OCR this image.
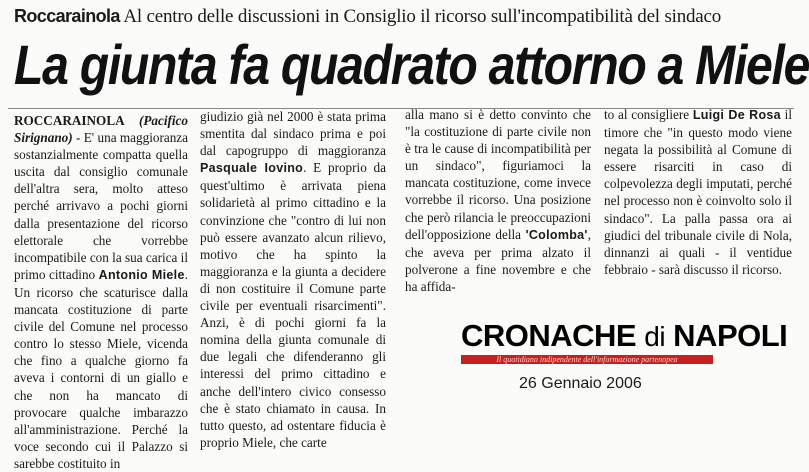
Roccarainola Al centro delle discussioni in Consiglio il ricorso sull'incompatibilità del sindaco
La giunta fa quadrato attorno a Miele

ROCCARAINOLA (Pacifico Sirignano) - E' una maggioranza sostanzialmente compatta quella uscita dal consiglio comunale dell'altra sera, molto atteso perché arrivavo a pochi giorni dalla presentazione del ricorso elettorale che vorrebbe incompatibile con la sua carica il primo cittadino Antonio Miele. Un ricorso che scaturisce dalla mancata costituzione di parte civile del Comune nel processo contro lo stesso Miele, vicenda che fino a qualche giorno fa aveva i contorni di un giallo e che non ha mancato di provocare qualche imbarazzo all'amministrazione. Perché la voce secondo cui il Palazzo si sarebbe costituito in

giudizio già nel 2000 è stata prima smentita dal sindaco prima e poi dal capogruppo di maggioranza Pasquale Iovino. E proprio da quest'ultimo è arrivata piena solidarietà al primo cittadino e la convinzione che "contro di lui non può essere avanzato alcun rilievo, motivo che ha spinto la maggioranza e la giunta a decidere di non costituire il Comune parte civile per eventuali risarcimenti". Anzi, è di pochi giorni fa la nomina della giunta comunale di due legali che difenderanno gli interessi del primo cittadino e anche dell'intero civico consesso che è stato chiamato in causa. In tutto questo, ad ostentare fiducia è proprio Miele, che carte

alla mano si è detto convinto che "la costituzione di parte civile non è tra le cause di incompatibilità per un sindaco", figuriamoci la mancata costituzione, come invece vorrebbe il ricorso. Una posizione che però rilancia le preoccupazioni dell'opposizione della 'Colomba', che aveva per prima alzato il polverone a fine novembre e che ha affida-

to al consigliere Luigi De Rosa il timore che "in questo modo viene negata la possibilità al Comune di essere risarciti in caso di colpevolezza degli imputati, perché nel processo non è coinvolto solo il sindaco". La palla passa ora ai giudici del tribunale civile di Nola, dinnanzi ai quali - il ventidue febbraio - sarà discusso il ricorso.

CRONACHE di NAPOLI
Il quotidiano indipendente dell'informazione partenopea
26 Gennaio 2006
